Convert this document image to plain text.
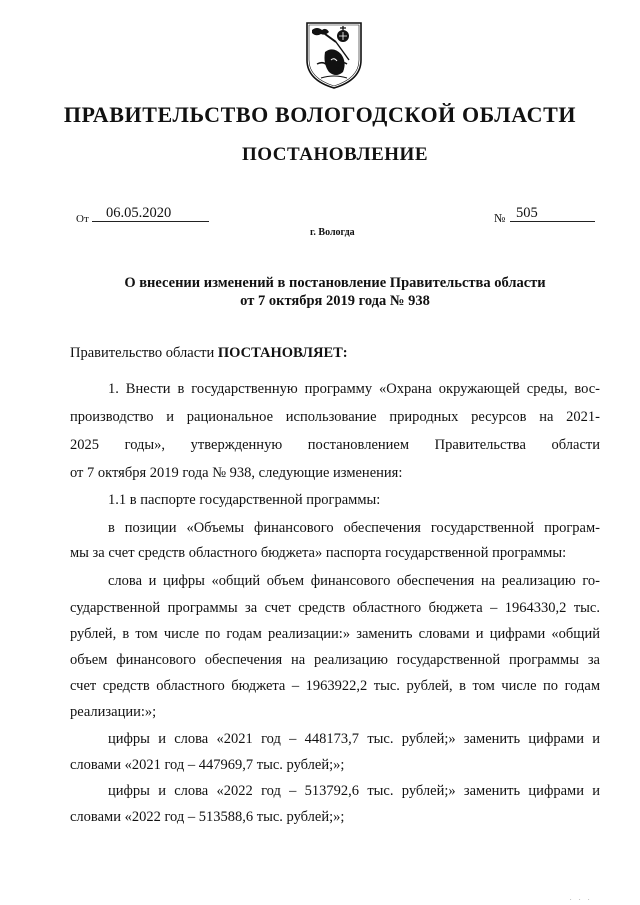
ПРАВИТЕЛЬСТВО ВОЛОГОДСКОЙ ОБЛАСТИ
ПОСТАНОВЛЕНИЕ
От	06.05.2020	№ 505
г. Вологда
О внесении изменений в постановление Правительства области
от 7 октября 2019 года № 938
Правительство области ПОСТАНОВЛЯЕТ:
1. Внести в государственную программу «Охрана окружающей среды, вос-
производство и рациональное использование природных ресурсов на 2021-
2025 годы», утвержденную постановлением Правительства области
от 7 октября 2019 года № 938, следующие изменения:
1.1 в паспорте государственной программы:
в позиции «Объемы финансового обеспечения государственной програм-
мы за счет средств областного бюджета» паспорта государственной программы:
слова и цифры «общий объем финансового обеспечения на реализацию го-
сударственной программы за счет средств областного бюджета – 1964330,2 тыс.
рублей, в том числе по годам реализации:» заменить словами и цифрами «общий
объем финансового обеспечения на реализацию государственной программы за
счет средств областного бюджета – 1963922,2 тыс. рублей, в том числе по годам
реализации:»;
цифры и слова «2021 год – 448173,7 тыс. рублей;» заменить цифрами и
словами «2021 год – 447969,7 тыс. рублей;»;
цифры и слова «2022 год – 513792,6 тыс. рублей;» заменить цифрами и
словами «2022 год – 513588,6 тыс. рублей;»;
. . .
